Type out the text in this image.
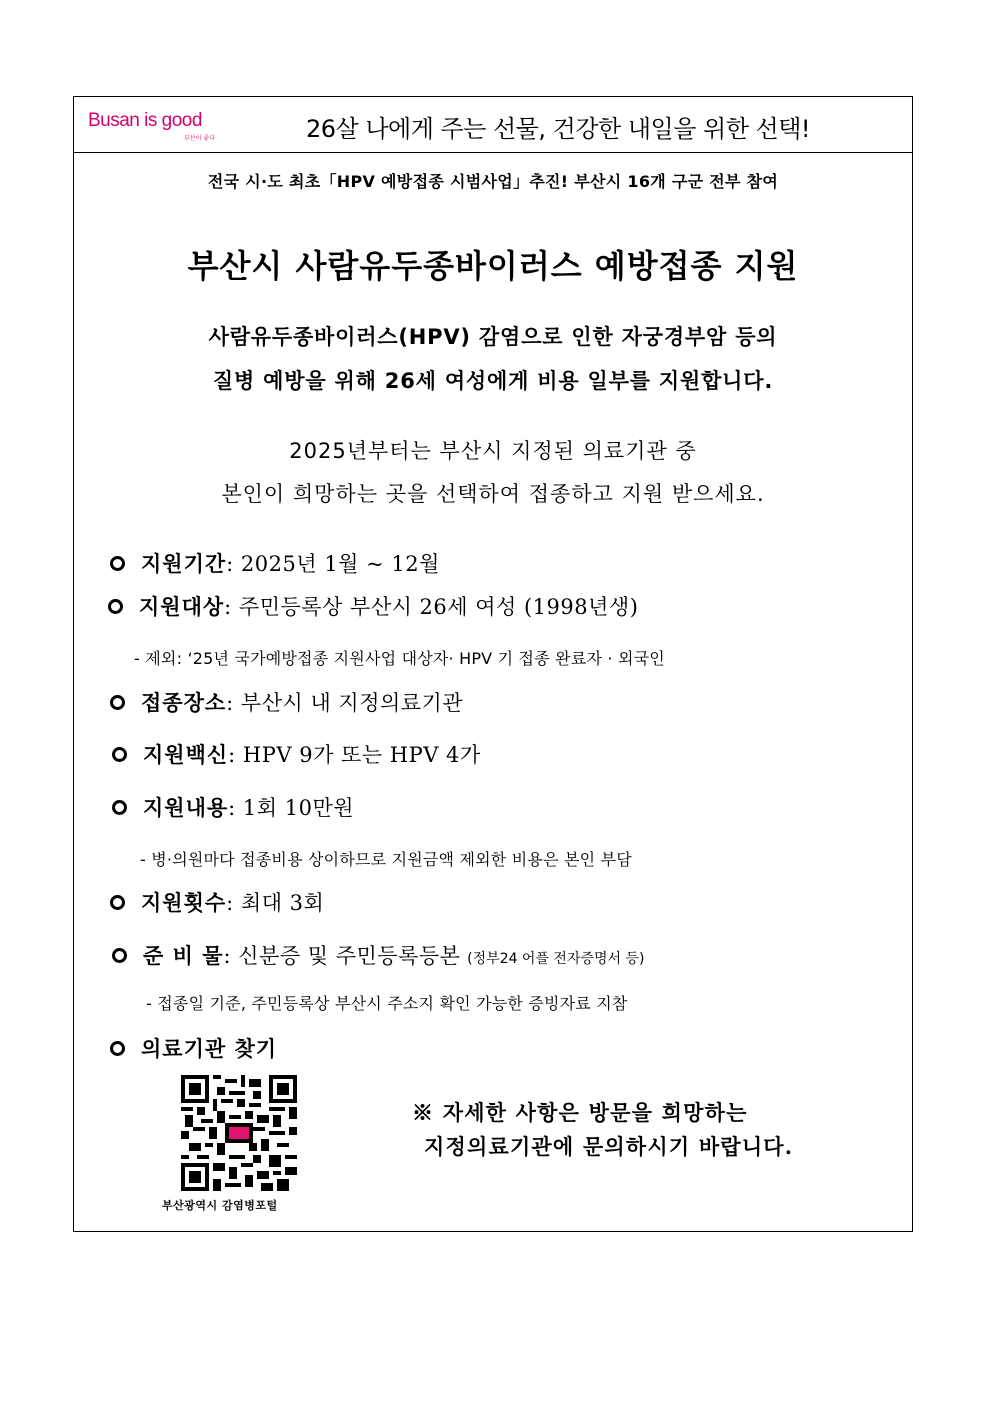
Busan is good
부산이 좋다	26살 나에게 주는 선물, 건강한 내일을 위한 선택!
전국 시·도 최초「HPV 예방접종 시범사업」추진! 부산시 16개 구군 전부 참여
부산시 사람유두종바이러스 예방접종 지원
사람유두종바이러스(HPV) 감염으로 인한 자궁경부암 등의
질병 예방을 위해 26세 여성에게 비용 일부를 지원합니다.
2025년부터는 부산시 지정된 의료기관 중
본인이 희망하는 곳을 선택하여 접종하고 지원 받으세요.
지원기간: 2025년 1월 ~ 12월
지원대상: 주민등록상 부산시 26세 여성 (1998년생)
- 제외: ‘25년 국가예방접종 지원사업 대상자· HPV 기 접종 완료자 · 외국인
접종장소: 부산시 내 지정의료기관
지원백신: HPV 9가 또는 HPV 4가
지원내용: 1회 10만원
- 병·의원마다 접종비용 상이하므로 지원금액 제외한 비용은 본인 부담
지원횟수: 최대 3회
준 비 물: 신분증 및 주민등록등본 (정부24 어플 전자증명서 등)
- 접종일 기준, 주민등록상 부산시 주소지 확인 가능한 증빙자료 지참
의료기관 찾기
부산광역시 감염병포털
※ 자세한 사항은 방문을 희망하는
지정의료기관에 문의하시기 바랍니다.
